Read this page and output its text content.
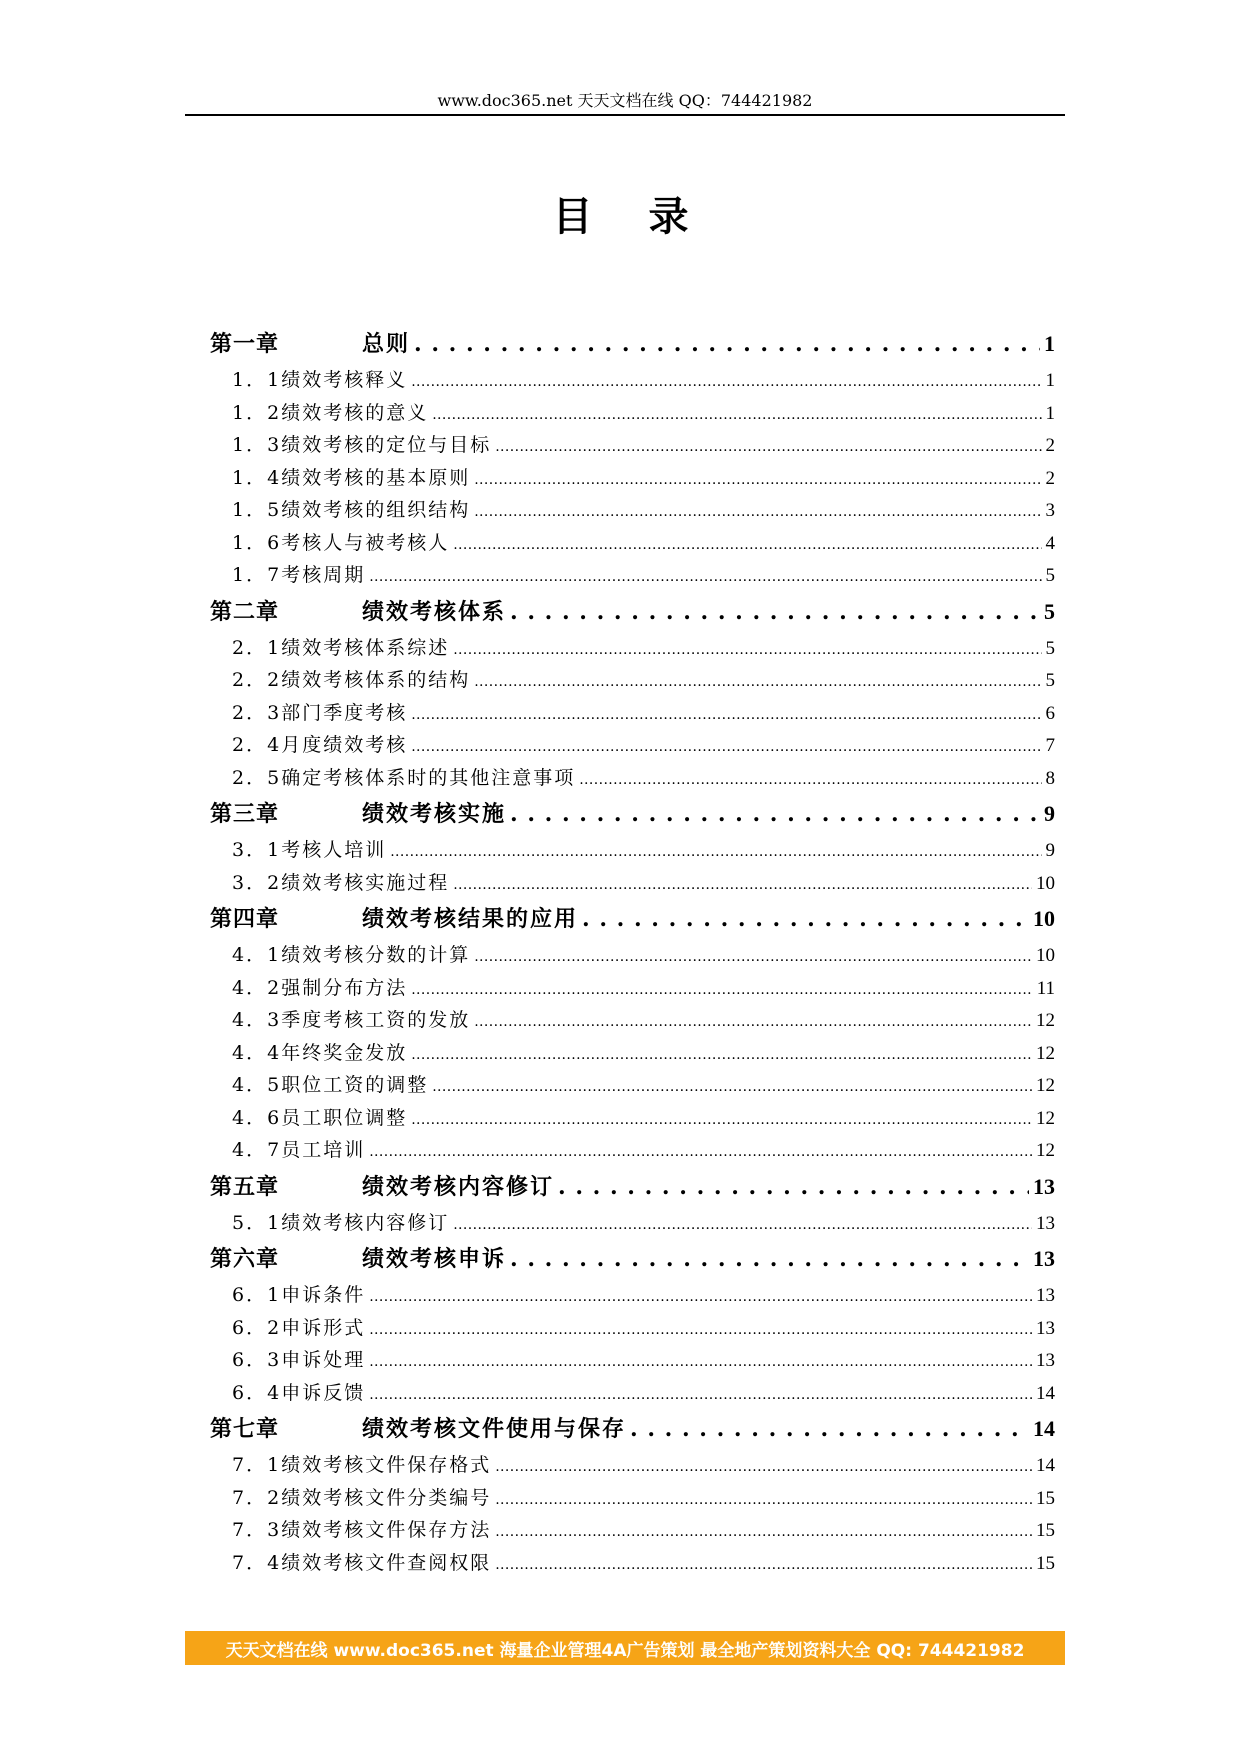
www.doc365.net 天天文档在线 QQ：744421982
目录
第一章	总则 . . .	1
1．1 绩效考核释义 .....	1
1．2 绩效考核的意义 .....	1
1．3 绩效考核的定位与目标 .....	2
1．4 绩效考核的基本原则 .....	2
1．5 绩效考核的组织结构 .....	3
1．6 考核人与被考核人 .....	4
1．7 考核周期 .....	5
第二章	绩效考核体系 . . .	5
2．1 绩效考核体系综述 .....	5
2．2 绩效考核体系的结构 .....	5
2．3 部门季度考核 .....	6
2．4 月度绩效考核 .....	7
2．5 确定考核体系时的其他注意事项 .....	8
第三章	绩效考核实施 . . .	9
3．1 考核人培训 .....	9
3．2 绩效考核实施过程 .....	10
第四章	绩效考核结果的应用 . . .	10
4．1 绩效考核分数的计算 .....	10
4．2 强制分布方法 .....	11
4．3 季度考核工资的发放 .....	12
4．4 年终奖金发放 .....	12
4．5 职位工资的调整 .....	12
4．6 员工职位调整 .....	12
4．7 员工培训 .....	12
第五章	绩效考核内容修订 . . .	13
5．1 绩效考核内容修订 .....	13
第六章	绩效考核申诉 . . .	13
6．1 申诉条件 .....	13
6．2 申诉形式 .....	13
6．3 申诉处理 .....	13
6．4 申诉反馈 .....	14
第七章	绩效考核文件使用与保存 . . .	14
7．1 绩效考核文件保存格式 .....	14
7．2 绩效考核文件分类编号 .....	15
7．3 绩效考核文件保存方法 .....	15
7．4 绩效考核文件查阅权限 .....	15
天天文档在线 www.doc365.net 海量企业管理4A广告策划 最全地产策划资料大全 QQ: 744421982
